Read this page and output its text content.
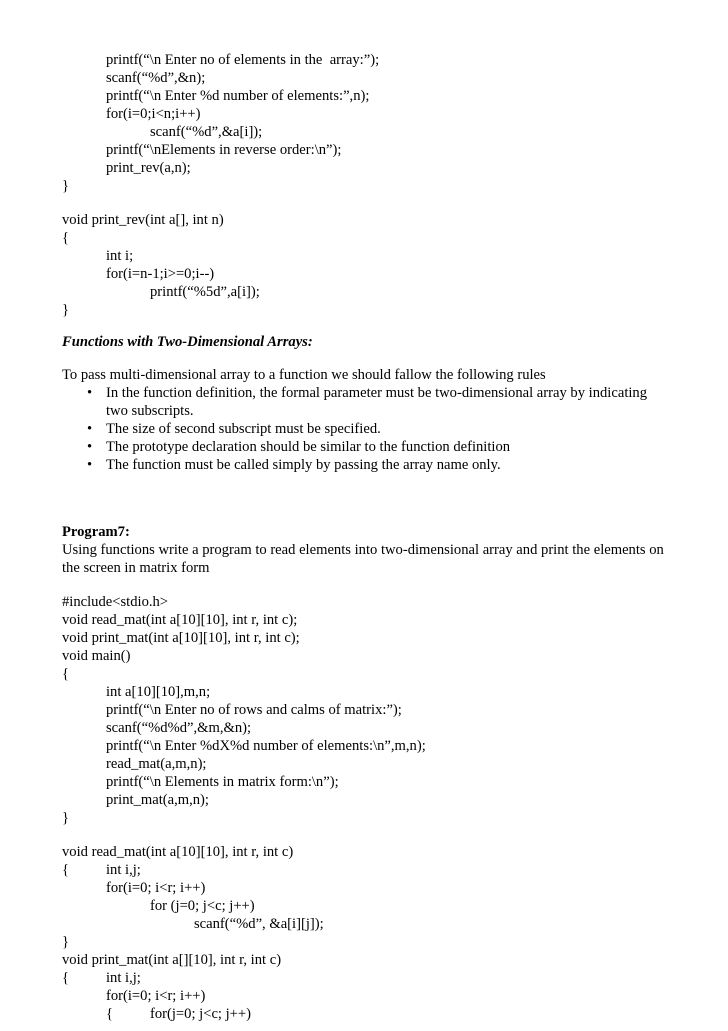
printf(“\n Enter no of elements in the  array:”);
scanf(“%d”,&n);
printf(“\n Enter %d number of elements:”,n);
for(i=0;i<n;i++)
scanf(“%d”,&a[i]);
printf(“\nElements in reverse order:\n”);
print_rev(a,n);
}
void print_rev(int a[], int n)
{
int i;
for(i=n-1;i>=0;i--)
printf(“%5d”,a[i]);
}
Functions with Two-Dimensional Arrays:
To pass multi-dimensional array to a function we should fallow the following rules
• In the function definition, the formal parameter must be two-dimensional array by indicating
two subscripts.
• The size of second subscript must be specified.
• The prototype declaration should be similar to the function definition
• The function must be called simply by passing the array name only.
Program7:
Using functions write a program to read elements into two-dimensional array and print the elements on
the screen in matrix form
#include<stdio.h>
void read_mat(int a[10][10], int r, int c);
void print_mat(int a[10][10], int r, int c);
void main()
{
int a[10][10],m,n;
printf(“\n Enter no of rows and calms of matrix:”);
scanf(“%d%d”,&m,&n);
printf(“\n Enter %dX%d number of elements:\n”,m,n);
read_mat(a,m,n);
printf(“\n Elements in matrix form:\n”);
print_mat(a,m,n);
}
void read_mat(int a[10][10], int r, int c)
{	int i,j;
for(i=0; i<r; i++)
for (j=0; j<c; j++)
scanf(“%d”, &a[i][j]);
}
void print_mat(int a[][10], int r, int c)
{	int i,j;
for(i=0; i<r; i++)
{	for(j=0; j<c; j++)
